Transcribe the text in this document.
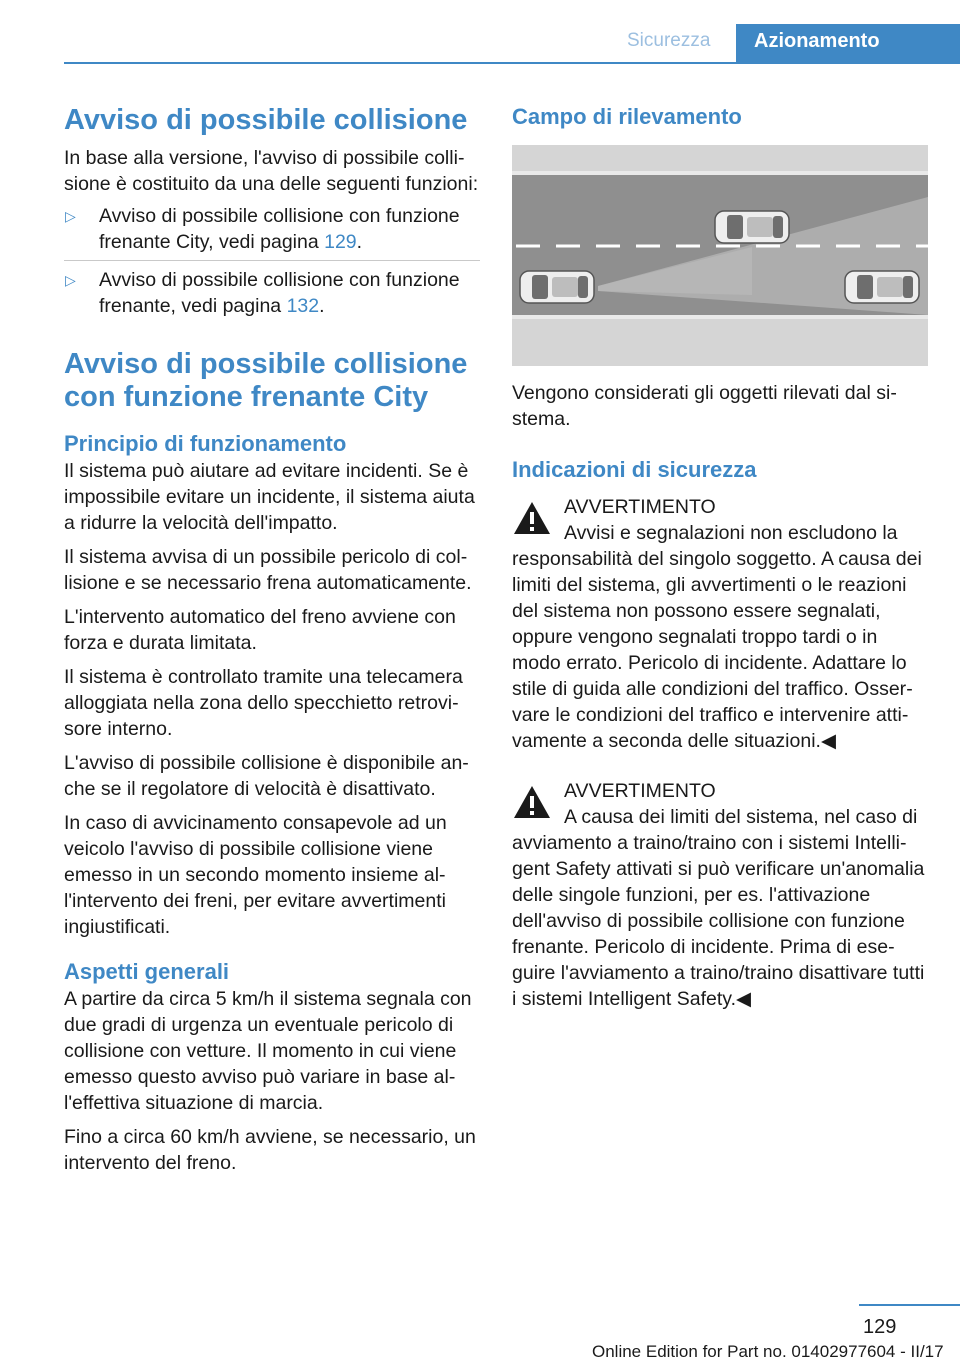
Sicurezza	Azionamento
Avviso di possibile collisione

In base alla versione, l'avviso di possibile collisione è costituito da una delle seguenti funzioni:

▷ Avviso di possibile collisione con funzione frenante City, vedi pagina 129.
▷ Avviso di possibile collisione con funzione frenante, vedi pagina 132.
Avviso di possibile collisione con funzione frenante City
Principio di funzionamento

Il sistema può aiutare ad evitare incidenti. Se è impossibile evitare un incidente, il sistema aiuta a ridurre la velocità dell'impatto.

Il sistema avvisa di un possibile pericolo di collisione e se necessario frena automaticamente.

L'intervento automatico del freno avviene con forza e durata limitata.

Il sistema è controllato tramite una telecamera alloggiata nella zona dello specchietto retrovisore interno.

L'avviso di possibile collisione è disponibile anche se il regolatore di velocità è disattivato.

In caso di avvicinamento consapevole ad un veicolo l'avviso di possibile collisione viene emesso in un secondo momento insieme all'intervento dei freni, per evitare avvertimenti ingiustificati.

Aspetti generali

A partire da circa 5 km/h il sistema segnala con due gradi di urgenza un eventuale pericolo di collisione con vetture. Il momento in cui viene emesso questo avviso può variare in base all'effettiva situazione di marcia.

Fino a circa 60 km/h avviene, se necessario, un intervento del freno.

Campo di rilevamento

Vengono considerati gli oggetti rilevati dal sistema.

Indicazioni di sicurezza
AVVERTIMENTO
Avvisi e segnalazioni non escludono la
responsabilità del singolo soggetto. A causa dei limiti del sistema, gli avvertimenti o le reazioni del sistema non possono essere segnalati, oppure vengono segnalati troppo tardi o in modo errato. Pericolo di incidente. Adattare lo stile di guida alle condizioni del traffico. Osservare le condizioni del traffico e intervenire attivamente a seconda delle situazioni.◀
AVVERTIMENTO
A causa dei limiti del sistema, nel caso di
avviamento a traino/traino con i sistemi Intelligent Safety attivati si può verificare un'anomalia delle singole funzioni, per es. l'attivazione dell'avviso di possibile collisione con funzione frenante. Pericolo di incidente. Prima di eseguire l'avviamento a traino/traino disattivare tutti i sistemi Intelligent Safety.◀
129
Online Edition for Part no. 01402977604 - II/17
